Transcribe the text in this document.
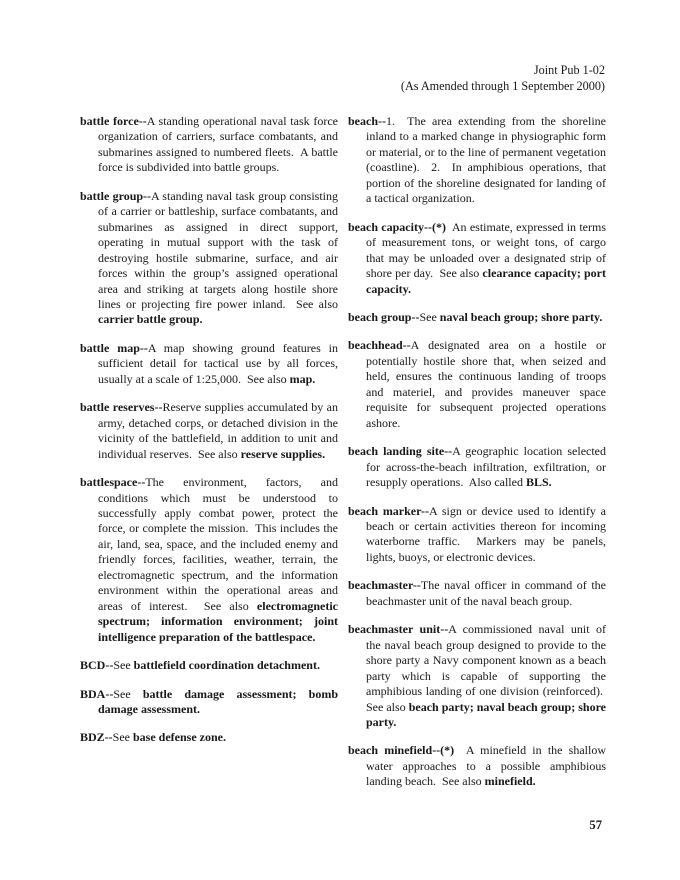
Joint Pub 1-02
(As Amended through 1 September 2000)

battle force--A standing operational naval task force organization of carriers, surface combatants, and submarines assigned to numbered fleets.  A battle force is subdivided into battle groups.

battle group--A standing naval task group consisting of a carrier or battleship, surface combatants, and submarines as assigned in direct support, operating in mutual support with the task of destroying hostile submarine, surface, and air forces within the group’s assigned operational area and striking at targets along hostile shore lines or projecting fire power inland.  See also carrier battle group.

battle map--A map showing ground features in sufficient detail for tactical use by all forces, usually at a scale of 1:25,000.  See also map.

battle reserves--Reserve supplies accumulated by an army, detached corps, or detached division in the vicinity of the battlefield, in addition to unit and individual reserves.  See also reserve supplies.

battlespace--The environment, factors, and conditions which must be understood to successfully apply combat power, protect the force, or complete the mission.  This includes the air, land, sea, space, and the included enemy and friendly forces, facilities, weather, terrain, the electromagnetic spectrum, and the information environment within the operational areas and areas of interest.  See also electromagnetic spectrum; information environment; joint intelligence preparation of the battlespace.

BCD--See battlefield coordination detachment.

BDA--See battle damage assessment; bomb damage assessment.

BDZ--See base defense zone.

beach--1.  The area extending from the shoreline inland to a marked change in physiographic form or material, or to the line of permanent vegetation (coastline).  2.  In amphibious operations, that portion of the shoreline designated for landing of a tactical organization.

beach capacity--(*)  An estimate, expressed in terms of measurement tons, or weight tons, of cargo that may be unloaded over a designated strip of shore per day.  See also clearance capacity; port capacity.

beach group--See naval beach group; shore party.

beachhead--A designated area on a hostile or potentially hostile shore that, when seized and held, ensures the continuous landing of troops and materiel, and provides maneuver space requisite for subsequent projected operations ashore.

beach landing site--A geographic location selected for across-the-beach infiltration, exfiltration, or resupply operations.  Also called BLS.

beach marker--A sign or device used to identify a beach or certain activities thereon for incoming waterborne traffic.  Markers may be panels, lights, buoys, or electronic devices.

beachmaster--The naval officer in command of the beachmaster unit of the naval beach group.

beachmaster unit--A commissioned naval unit of the naval beach group designed to provide to the shore party a Navy component known as a beach party which is capable of supporting the amphibious landing of one division (reinforced).  See also beach party; naval beach group; shore party.

beach minefield--(*)  A minefield in the shallow water approaches to a possible amphibious landing beach.  See also minefield.

57
